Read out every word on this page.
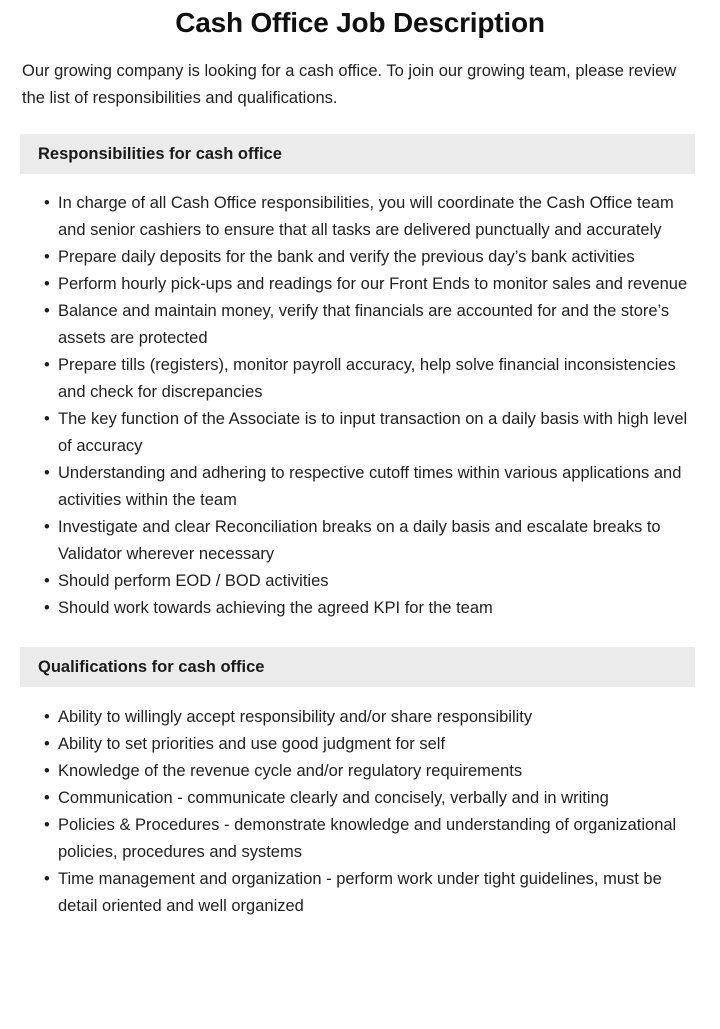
Cash Office Job Description

Our growing company is looking for a cash office. To join our growing team, please review the list of responsibilities and qualifications.

Responsibilities for cash office
• In charge of all Cash Office responsibilities, you will coordinate the Cash Office team and senior cashiers to ensure that all tasks are delivered punctually and accurately
• Prepare daily deposits for the bank and verify the previous day’s bank activities
• Perform hourly pick-ups and readings for our Front Ends to monitor sales and revenue
• Balance and maintain money, verify that financials are accounted for and the store’s assets are protected
• Prepare tills (registers), monitor payroll accuracy, help solve financial inconsistencies and check for discrepancies
• The key function of the Associate is to input transaction on a daily basis with high level of accuracy
• Understanding and adhering to respective cutoff times within various applications and activities within the team
• Investigate and clear Reconciliation breaks on a daily basis and escalate breaks to Validator wherever necessary
• Should perform EOD / BOD activities
• Should work towards achieving the agreed KPI for the team
Qualifications for cash office
• Ability to willingly accept responsibility and/or share responsibility
• Ability to set priorities and use good judgment for self
• Knowledge of the revenue cycle and/or regulatory requirements
• Communication - communicate clearly and concisely, verbally and in writing
• Policies & Procedures - demonstrate knowledge and understanding of organizational policies, procedures and systems
• Time management and organization - perform work under tight guidelines, must be detail oriented and well organized
